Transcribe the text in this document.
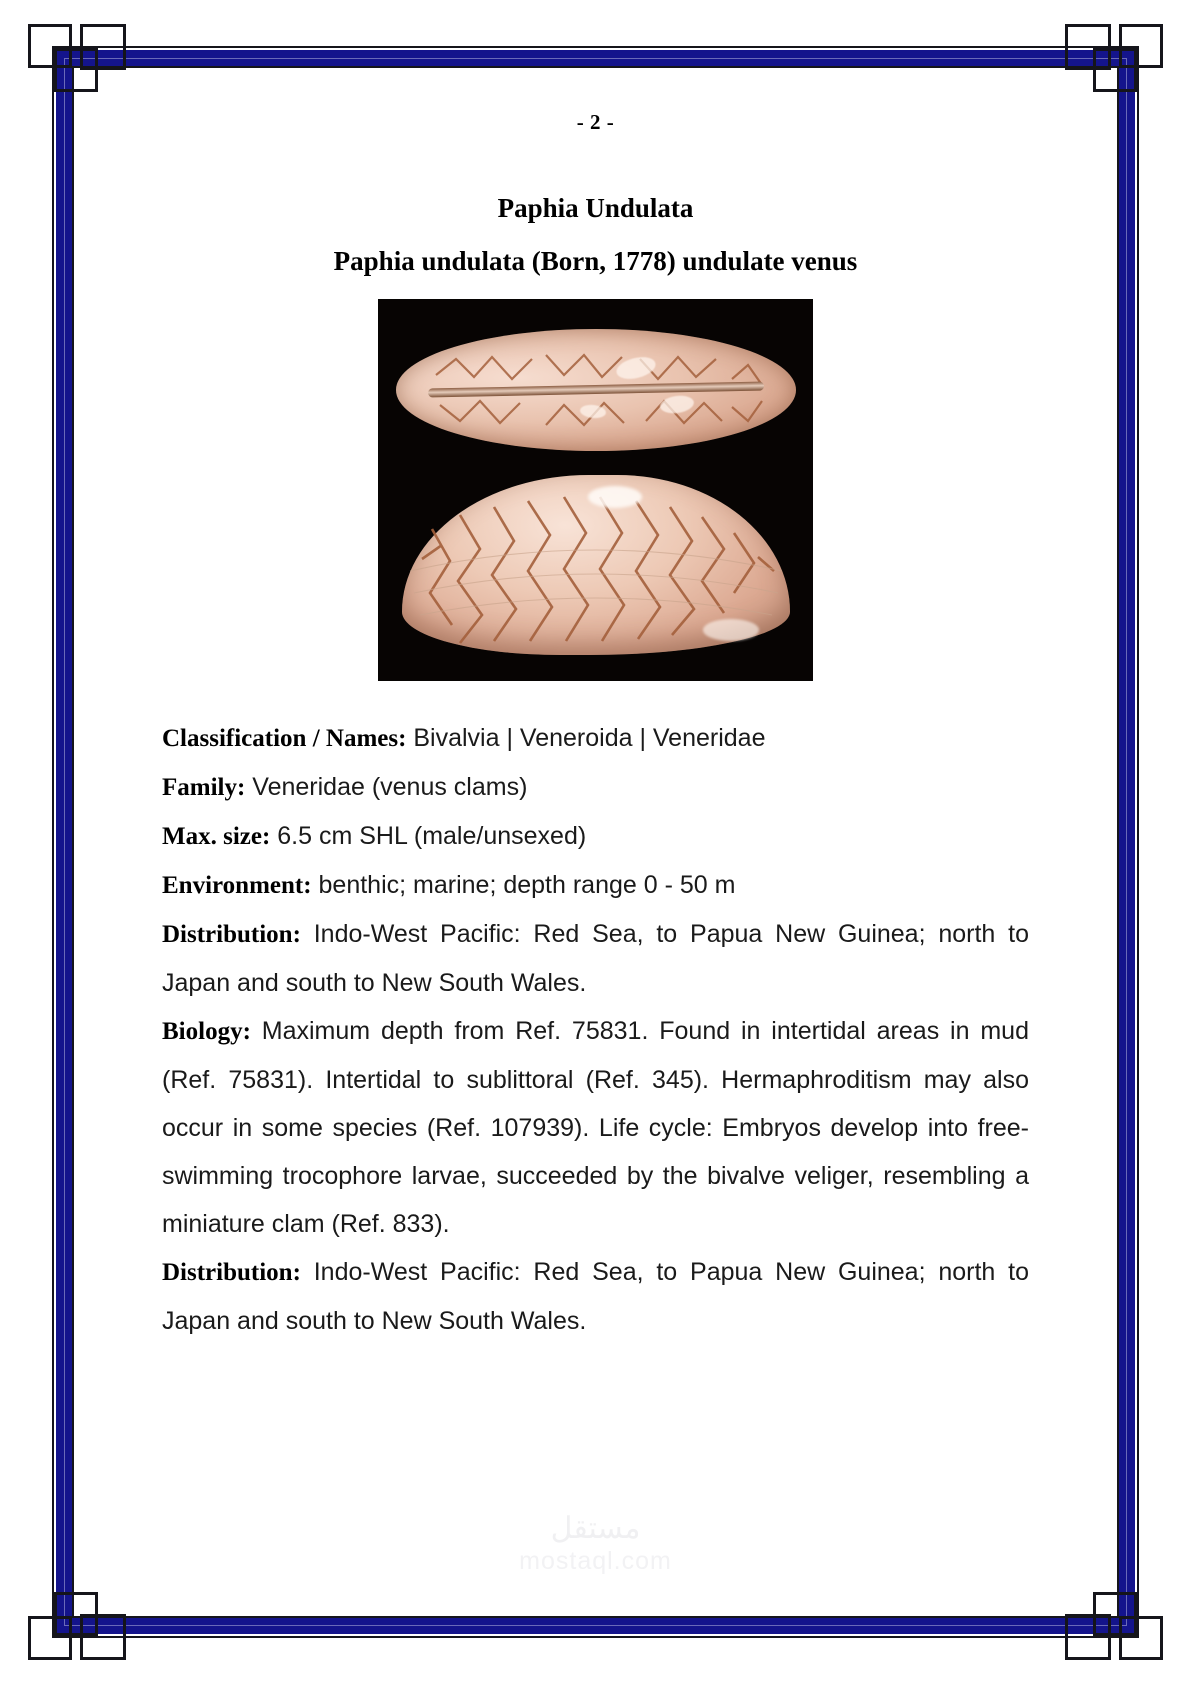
- 2 -
Paphia Undulata
Paphia undulata (Born, 1778) undulate venus
Classification / Names: Bivalvia | Veneroida | Veneridae
Family: Veneridae (venus clams)
Max. size: 6.5 cm SHL (male/unsexed)
Environment: benthic; marine; depth range 0 - 50 m
Distribution: Indo-West Pacific: Red Sea, to Papua New Guinea; north to Japan and south to New South Wales.
Biology: Maximum depth from Ref. 75831. Found in intertidal areas in mud (Ref. 75831). Intertidal to sublittoral (Ref. 345). Hermaphroditism may also occur in some species (Ref. 107939). Life cycle: Embryos develop into free-swimming trocophore larvae, succeeded by the bivalve veliger, resembling a miniature clam (Ref. 833).
Distribution: Indo-West Pacific: Red Sea, to Papua New Guinea; north to Japan and south to New South Wales.
مستقل
mostaql.com
